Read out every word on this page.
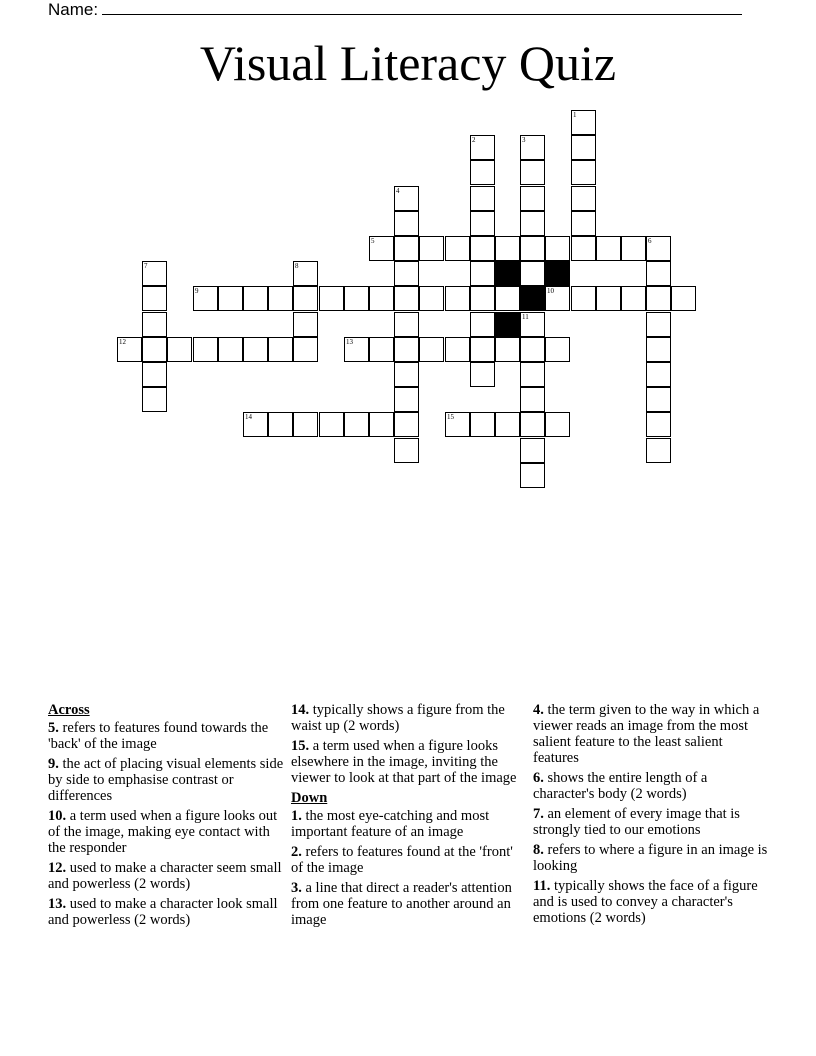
Name:
Visual Literacy Quiz
1
2	3
4
5	6
7	8
9	10
11
12	13
14	15
Across
5. refers to features found towards the 'back' of the image
9. the act of placing visual elements side by side to emphasise contrast or differences
10. a term used when a figure looks out of the image, making eye contact with the responder
12. used to make a character seem small and powerless (2 words)
13. used to make a character look small and powerless (2 words)
14. typically shows a figure from the waist up (2 words)
15. a term used when a figure looks elsewhere in the image, inviting the viewer to look at that part of the image
Down
1. the most eye-catching and most important feature of an image
2. refers to features found at the 'front' of the image
3. a line that direct a reader's attention from one feature to another around an image
4. the term given to the way in which a viewer reads an image from the most salient feature to the least salient features
6. shows the entire length of a character's body (2 words)
7. an element of every image that is strongly tied to our emotions
8. refers to where a figure in an image is looking
11. typically shows the face of a figure and is used to convey a character's emotions (2 words)
